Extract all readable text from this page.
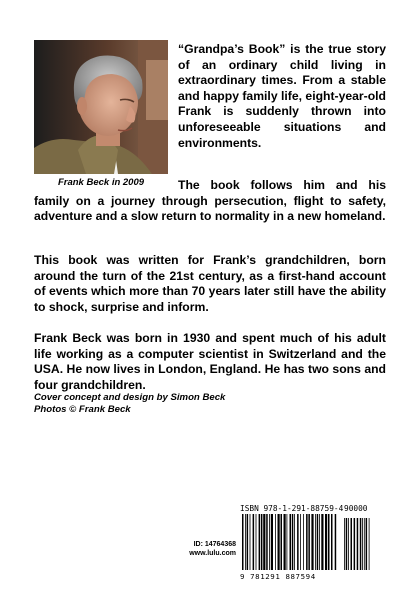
Frank Beck in 2009

“Grandpa’s Book” is the true story of an ordinary child living in extraordinary times. From a stable and happy family life, eight-year-old Frank is suddenly thrown into unforeseeable situations and environments.

The book follows him and his family on a journey through persecution, flight to safety, adventure and a slow return to normality in a new homeland.

This book was written for Frank’s grandchildren, born around the turn of the 21st century, as a first-hand account of events which more than 70 years later still have the ability to shock, surprise and inform.

Frank Beck was born in 1930 and spent much of his adult life working as a computer scientist in Switzerland and the USA. He now lives in London, England. He has two sons and four grandchildren.

Cover concept and design by Simon Beck
Photos © Frank Beck
ID: 14764368
www.lulu.com
ISBN 978-1-291-88759-4 90000
9 781291 887594
